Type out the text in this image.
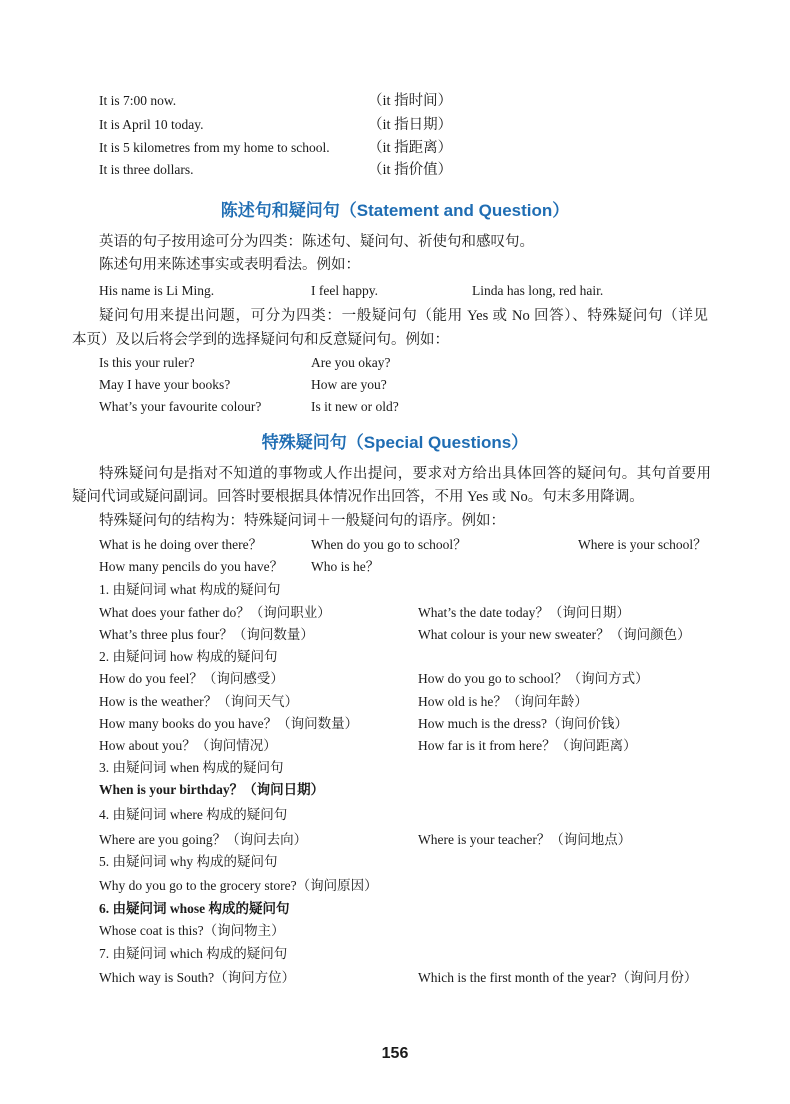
It is 7:00 now.	（it 指时间）
It is April 10 today.	（it 指日期）
It is 5 kilometres from my home to school.	（it 指距离）
It is three dollars.	（it 指价值）
陈述句和疑问句（Statement and Question）
英语的句子按用途可分为四类：陈述句、疑问句、祈使句和感叹句。
陈述句用来陈述事实或表明看法。例如：
His name is Li Ming.	I feel happy.	Linda has long, red hair.
疑问句用来提出问题，可分为四类：一般疑问句（能用 Yes 或 No 回答）、特殊疑问句（详见
本页）及以后将会学到的选择疑问句和反意疑问句。例如：
Is this your ruler?	Are you okay?
May I have your books?	How are you?
What’s your favourite colour?	Is it new or old?
特殊疑问句（Special Questions）
特殊疑问句是指对不知道的事物或人作出提问，要求对方给出具体回答的疑问句。其句首要用
疑问代词或疑问副词。回答时要根据具体情况作出回答，不用 Yes 或 No。句末多用降调。
特殊疑问句的结构为：特殊疑问词＋一般疑问句的语序。例如：
What is he doing over there？	When do you go to school？	Where is your school？
How many pencils do you have？ Who is he？
1. 由疑问词 what 构成的疑问句
What does your father do？（询问职业）	What’s the date today？（询问日期）
What’s three plus four？（询问数量）	What colour is your new sweater？（询问颜色）
2. 由疑问词 how 构成的疑问句
How do you feel？（询问感受）	How do you go to school？（询问方式）
How is the weather？（询问天气）	How old is he？（询问年龄）
How many books do you have？（询问数量）	How much is the dress?（询问价钱）
How about you？（询问情况）	How far is it from here？（询问距离）
3. 由疑问词 when 构成的疑问句
When is your birthday？（询问日期）
4. 由疑问词 where 构成的疑问句
Where are you going？（询问去向）	Where is your teacher？（询问地点）
5. 由疑问词 why 构成的疑问句
Why do you go to the grocery store?（询问原因）
6. 由疑问词 whose 构成的疑问句
Whose coat is this?（询问物主）
7. 由疑问词 which 构成的疑问句
Which way is South?（询问方位）	Which is the first month of the year?（询问月份）
156
